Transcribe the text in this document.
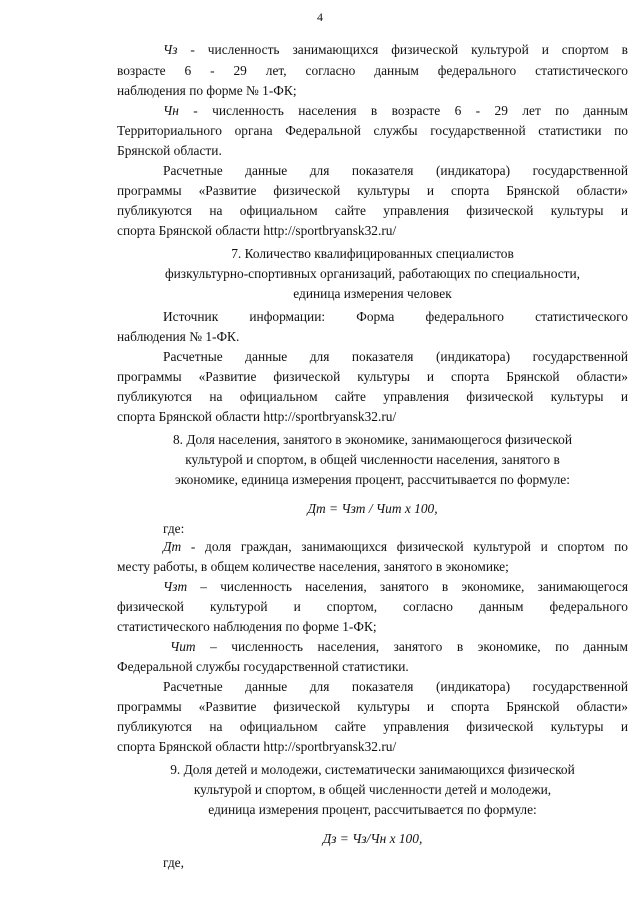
4
Чз - численность занимающихся физической культурой и спортом в
возрасте 6 - 29 лет, согласно данным федерального статистического
наблюдения по форме № 1-ФК;
Чн - численность населения в возрасте 6 - 29 лет по данным
Территориального органа Федеральной службы государственной статистики по
Брянской области.
Расчетные данные для показателя (индикатора) государственной
программы «Развитие физической культуры и спорта Брянской области»
публикуются на официальном сайте управления физической культуры и
спорта Брянской области http://sportbryansk32.ru/
7. Количество квалифицированных специалистов
физкультурно-спортивных организаций, работающих по специальности,
единица измерения человек
Источник информации: Форма федерального статистического
наблюдения № 1-ФК.
Расчетные данные для показателя (индикатора) государственной
программы «Развитие физической культуры и спорта Брянской области»
публикуются на официальном сайте управления физической культуры и
спорта Брянской области http://sportbryansk32.ru/
8. Доля населения, занятого в экономике, занимающегося физической
культурой и спортом, в общей численности населения, занятого в
экономике, единица измерения процент, рассчитывается по формуле:
Дт = Чзт / Чит х 100,
где:
Дт - доля граждан, занимающихся физической культурой и спортом по
месту работы, в общем количестве населения, занятого в экономике;
Чзт – численность населения, занятого в экономике, занимающегося
физической культурой и спортом, согласно данным федерального
статистического наблюдения по форме 1-ФК;
Чит – численность населения, занятого в экономике, по данным
Федеральной службы государственной статистики.
Расчетные данные для показателя (индикатора) государственной
программы «Развитие физической культуры и спорта Брянской области»
публикуются на официальном сайте управления физической культуры и
спорта Брянской области http://sportbryansk32.ru/
9. Доля детей и молодежи, систематически занимающихся физической
культурой и спортом, в общей численности детей и молодежи,
единица измерения процент, рассчитывается по формуле:
Дз = Чз/Чн х 100,
где,
